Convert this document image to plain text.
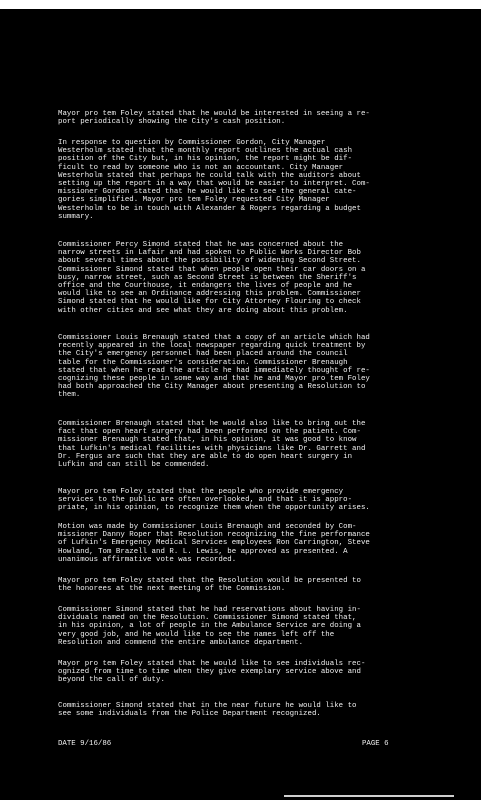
Mayor pro tem Foley stated that he would be interested in seeing a re-
port periodically showing the City's cash position.
In response to question by Commissioner Gordon, City Manager
Westerholm stated that the monthly report outlines the actual cash
position of the City but, in his opinion, the report might be dif-
ficult to read by someone who is not an accountant. City Manager
Westerholm stated that perhaps he could talk with the auditors about
setting up the report in a way that would be easier to interpret. Com-
missioner Gordon stated that he would like to see the general cate-
gories simplified. Mayor pro tem Foley requested City Manager
Westerholm to be in touch with Alexander & Rogers regarding a budget
summary.
Commissioner Percy Simond stated that he was concerned about the
narrow streets in Lafair and had spoken to Public Works Director Bob
about several times about the possibility of widening Second Street.
Commissioner Simond stated that when people open their car doors on a
busy, narrow street, such as Second Street is between the Sheriff's
office and the Courthouse, it endangers the lives of people and he
would like to see an Ordinance addressing this problem. Commissioner
Simond stated that he would like for City Attorney Flouring to check
with other cities and see what they are doing about this problem.
Commissioner Louis Brenaugh stated that a copy of an article which had
recently appeared in the local newspaper regarding quick treatment by
the City's emergency personnel had been placed around the council
table for the Commissioner's consideration. Commissioner Brenaugh
stated that when he read the article he had immediately thought of re-
cognizing these people in some way and that he and Mayor pro tem Foley
had both approached the City Manager about presenting a Resolution to
them.
Commissioner Brenaugh stated that he would also like to bring out the
fact that open heart surgery had been performed on the patient. Com-
missioner Brenaugh stated that, in his opinion, it was good to know
that Lufkin's medical facilities with physicians like Dr. Garrett and
Dr. Fergus are such that they are able to do open heart surgery in
Lufkin and can still be commended.
Mayor pro tem Foley stated that the people who provide emergency
services to the public are often overlooked, and that it is appro-
priate, in his opinion, to recognize them when the opportunity arises.
Motion was made by Commissioner Louis Brenaugh and seconded by Com-
missioner Danny Roper that Resolution recognizing the fine performance
of Lufkin's Emergency Medical Services employees Ron Carrington, Steve
Howland, Tom Brazell and R. L. Lewis, be approved as presented. A
unanimous affirmative vote was recorded.
Mayor pro tem Foley stated that the Resolution would be presented to
the honorees at the next meeting of the Commission.
Commissioner Simond stated that he had reservations about having in-
dividuals named on the Resolution. Commissioner Simond stated that,
in his opinion, a lot of people in the Ambulance Service are doing a
very good job, and he would like to see the names left off the
Resolution and commend the entire ambulance department.
Mayor pro tem Foley stated that he would like to see individuals rec-
ognized from time to time when they give exemplary service above and
beyond the call of duty.
Commissioner Simond stated that in the near future he would like to
see some individuals from the Police Department recognized.
DATE 9/16/86	PAGE 6
